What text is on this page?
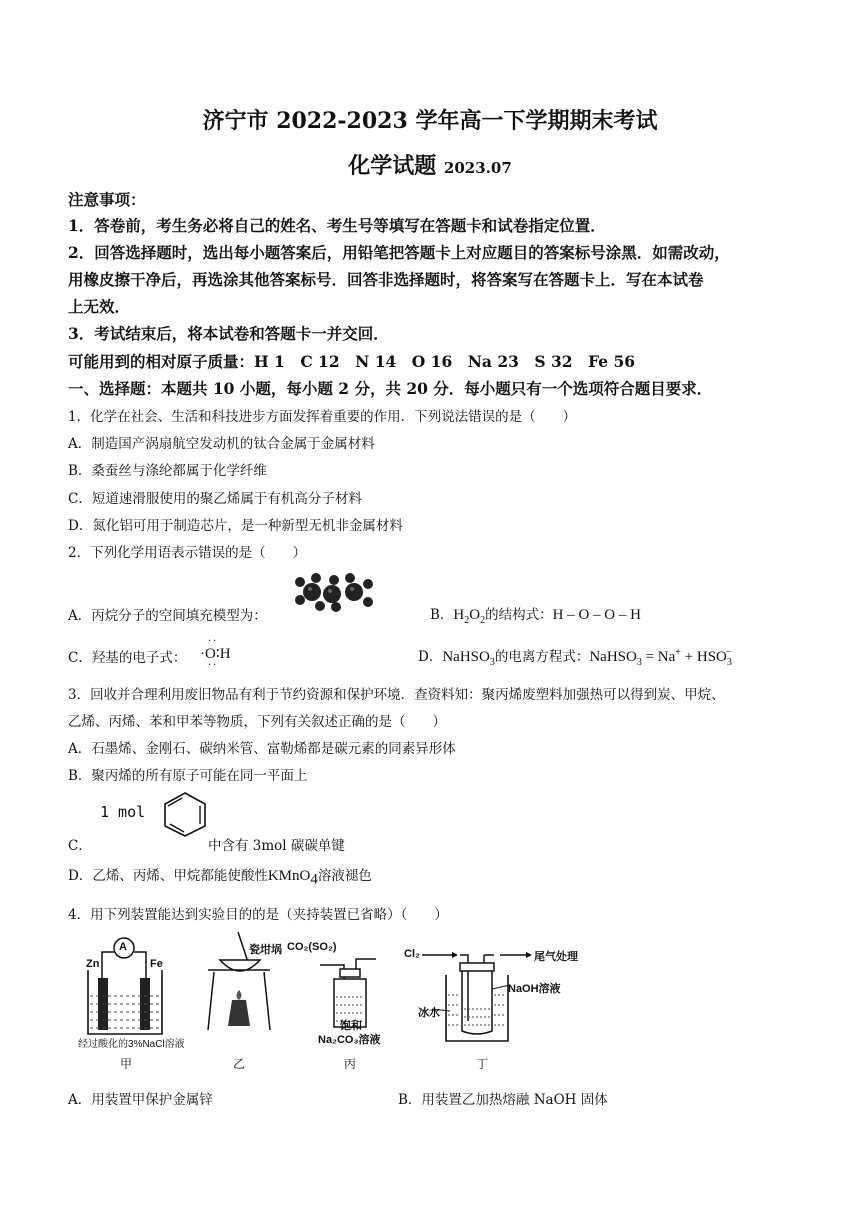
济宁市 2022-2023 学年高一下学期期末考试
化学试题 2023.07
注意事项：
1．答卷前，考生务必将自己的姓名、考生号等填写在答题卡和试卷指定位置．
2．回答选择题时，选出每小题答案后，用铅笔把答题卡上对应题目的答案标号涂黑．如需改动，
用橡皮擦干净后，再选涂其他答案标号．回答非选择题时，将答案写在答题卡上．写在本试卷
上无效．
3．考试结束后，将本试卷和答题卡一并交回．
可能用到的相对原子质量：H 1　C 12　N 14　O 16　Na 23　S 32　Fe 56
一、选择题：本题共 10 小题，每小题 2 分，共 20 分．每小题只有一个选项符合题目要求．
1．化学在社会、生活和科技进步方面发挥着重要的作用．下列说法错误的是（　　）
A．制造国产涡扇航空发动机的钛合金属于金属材料
B．桑蚕丝与涤纶都属于化学纤维
C．短道速滑服使用的聚乙烯属于有机高分子材料
D．氮化铝可用于制造芯片，是一种新型无机非金属材料
2．下列化学用语表示错误的是（　　）
A．丙烷分子的空间填充模型为：	B．$H_2O_2$的结构式：H – O – O – H
C．羟基的电子式：
··
·O∶H
··
D．NaHSO$_3$的电离方程式：NaHSO$_3$ = $Na^+ + HSO_3^-$
3．回收并合理利用废旧物品有利于节约资源和保护环境．查资料知：聚丙烯废塑料加强热可以得到炭、甲烷、
乙烯、丙烯、苯和甲苯等物质，下列有关叙述正确的是（　　）
A．石墨烯、金刚石、碳纳米管、富勒烯都是碳元素的同素异形体
B．聚丙烯的所有原子可能在同一平面上
1 mol
C．	中含有 3mol 碳碳单键
D．乙烯、丙烯、甲烷都能使酸性KMnO$_4$溶液褪色
4．用下列装置能达到实验目的的是（夹持装置已省略）（　　）
A
Zn	Fe
经过酸化的3%NaCl溶液
甲
瓷坩埚
乙
CO₂(SO₂)
饱和
Na₂CO₃溶液
丙
Cl₂	尾气处理
NaOH溶液
冰水
丁
A．用装置甲保护金属锌	B．用装置乙加热熔融 NaOH 固体
